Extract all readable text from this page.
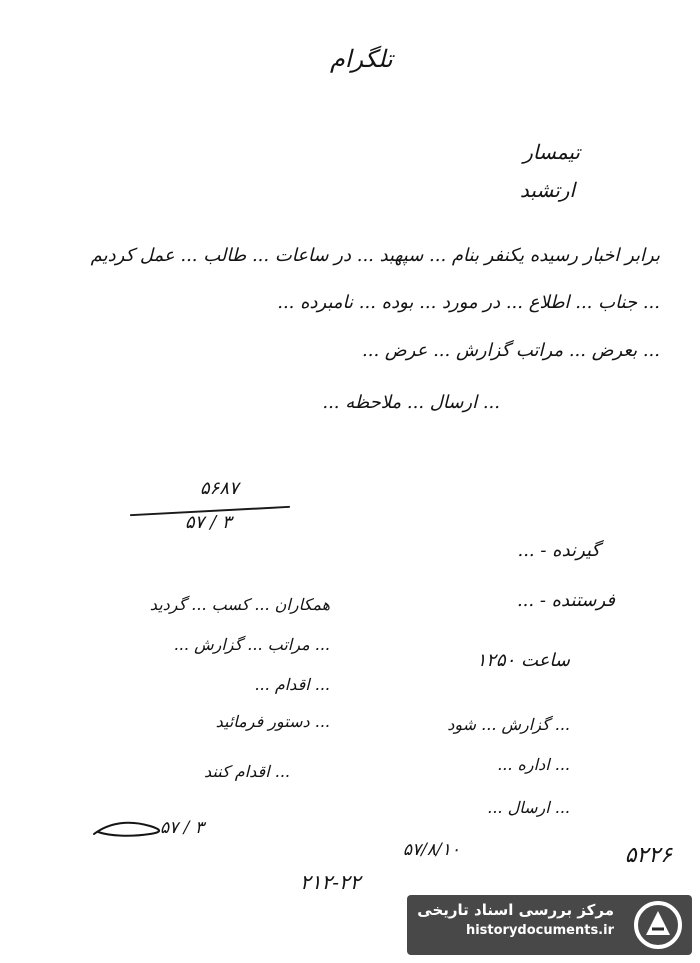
تلگرام
تیمسار
ارتشبد
برابر اخبار رسیده یکنفر بنام ... سپهبد ... در ساعات ... طالب ... عمل کردیم
... جناب ... اطلاع ... در مورد ... بوده ... نامبرده ...
... بعرض ... مراتب گزارش ... عرض ...
... ارسال ... ملاحظه ...
۵۶۸۷
۳ / ۵۷
گیرنده - ...
فرستنده - ...
ساعت ۱۲۵۰
همکاران ... کسب ... گردید
... مراتب ... گزارش ...
... اقدام ...
... دستور فرمائید
... اقدام کنند
۳ / ۵۷
... گزارش ... شود
... اداره ...
... ارسال ...
۵۷/۸/۱۰
۲۱۲-۲۲
۵۲۲۶
مرکز بررسی اسناد تاریخی
historydocuments.ir
